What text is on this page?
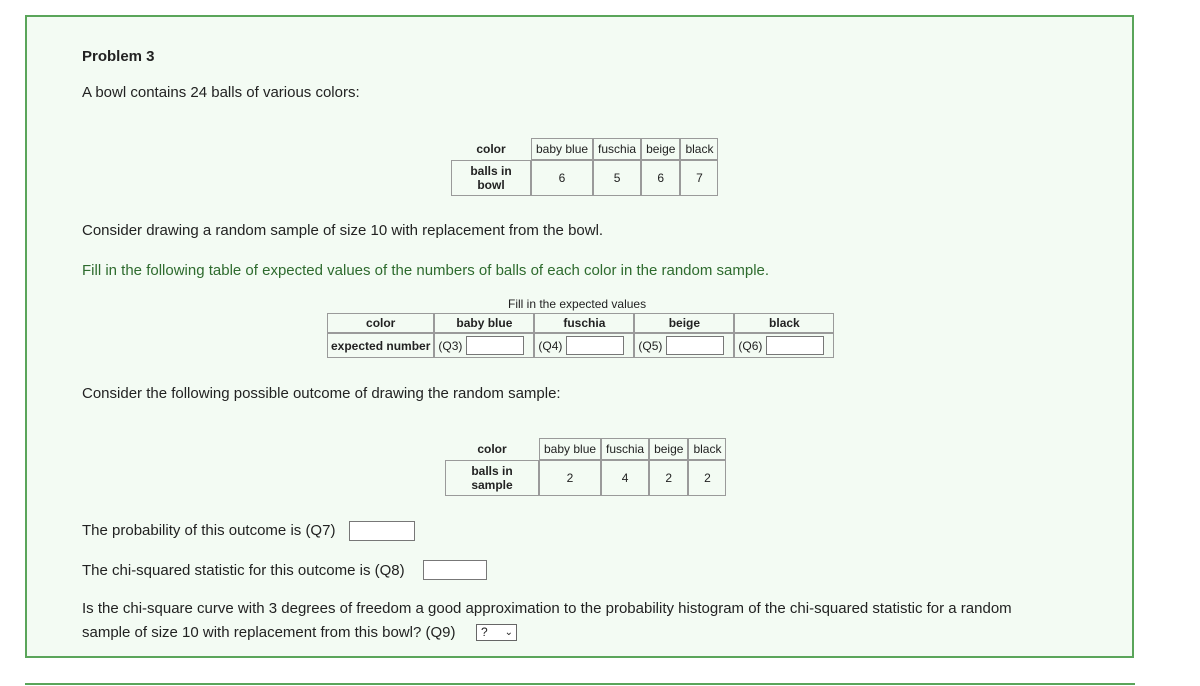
Problem 3
A bowl contains 24 balls of various colors:
color	baby blue	fuschia	beige	black
balls in bowl	6	5	6	7
Consider drawing a random sample of size 10 with replacement from the bowl.
Fill in the following table of expected values of the numbers of balls of each color in the random sample.
Fill in the expected values
color	baby blue	fuschia	beige	black
expected number	(Q3)	(Q4)	(Q5)	(Q6)
Consider the following possible outcome of drawing the random sample:
color	baby blue	fuschia	beige	black
balls in sample	2	4	2	2
The probability of this outcome is (Q7)
The chi-squared statistic for this outcome is (Q8)
Is the chi-square curve with 3 degrees of freedom a good approximation to the probability histogram of the chi-squared statistic for a random
sample of size 10 with replacement from this bowl? (Q9)	? ⌄
